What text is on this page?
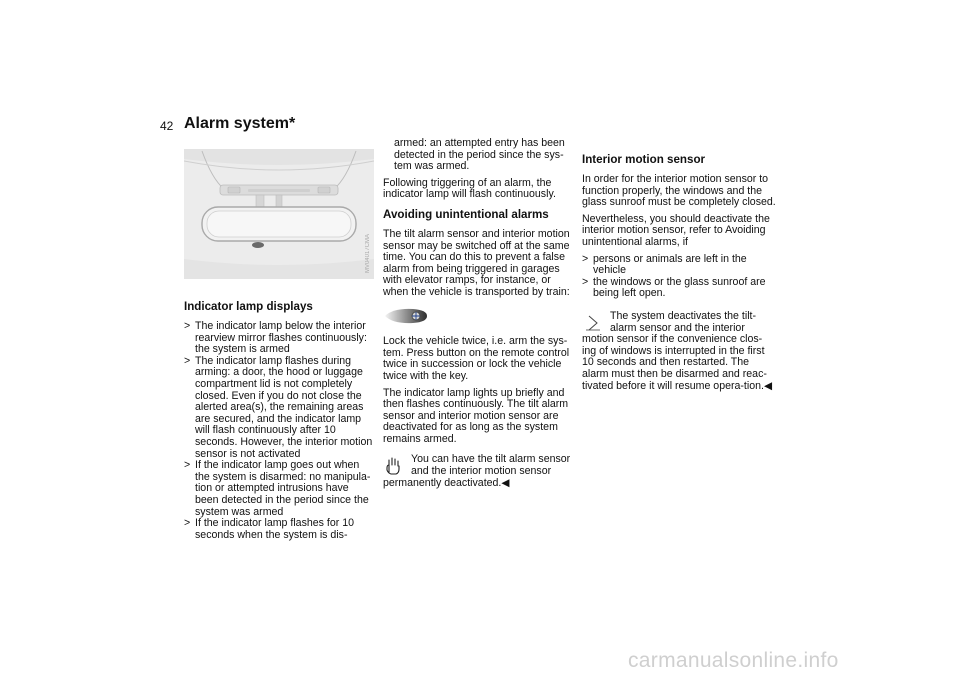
42 Alarm system*
MV04017CMA
Indicator lamp displays
> The indicator lamp below the interior rearview mirror flashes continuously: the system is armed
> The indicator lamp flashes during arming: a door, the hood or luggage compartment lid is not completely closed. Even if you do not close the alerted area(s), the remaining areas are secured, and the indicator lamp will flash continuously after 10 seconds. However, the interior motion sensor is not activated
> If the indicator lamp goes out when the system is disarmed: no manipula-tion or attempted intrusions have been detected in the period since the system was armed
> If the indicator lamp flashes for 10 seconds when the system is dis-

armed: an attempted entry has been detected in the period since the sys-tem was armed.

Following triggering of an alarm, the indicator lamp will flash continuously.

Avoiding unintentional alarms

The tilt alarm sensor and interior motion sensor may be switched off at the same time. You can do this to prevent a false alarm from being triggered in garages with elevator ramps, for instance, or when the vehicle is transported by train:

Lock the vehicle twice, i.e. arm the sys-tem. Press button on the remote control twice in succession or lock the vehicle twice with the key.

The indicator lamp lights up briefly and then flashes continuously. The tilt alarm sensor and interior motion sensor are deactivated for as long as the system remains armed.

You can have the tilt alarm sensor and the interior motion sensor
permanently deactivated.◀
Interior motion sensor

In order for the interior motion sensor to function properly, the windows and the glass sunroof must be completely closed.

Nevertheless, you should deactivate the interior motion sensor, refer to Avoiding unintentional alarms, if

> persons or animals are left in the vehicle
> the windows or the glass sunroof are being left open.
The system deactivates the tilt-alarm sensor and the interior
motion sensor if the convenience clos-ing of windows is interrupted in the first 10 seconds and then restarted. The alarm must then be disarmed and reac-tivated before it will resume opera-tion.◀
carmanualsonline.info
